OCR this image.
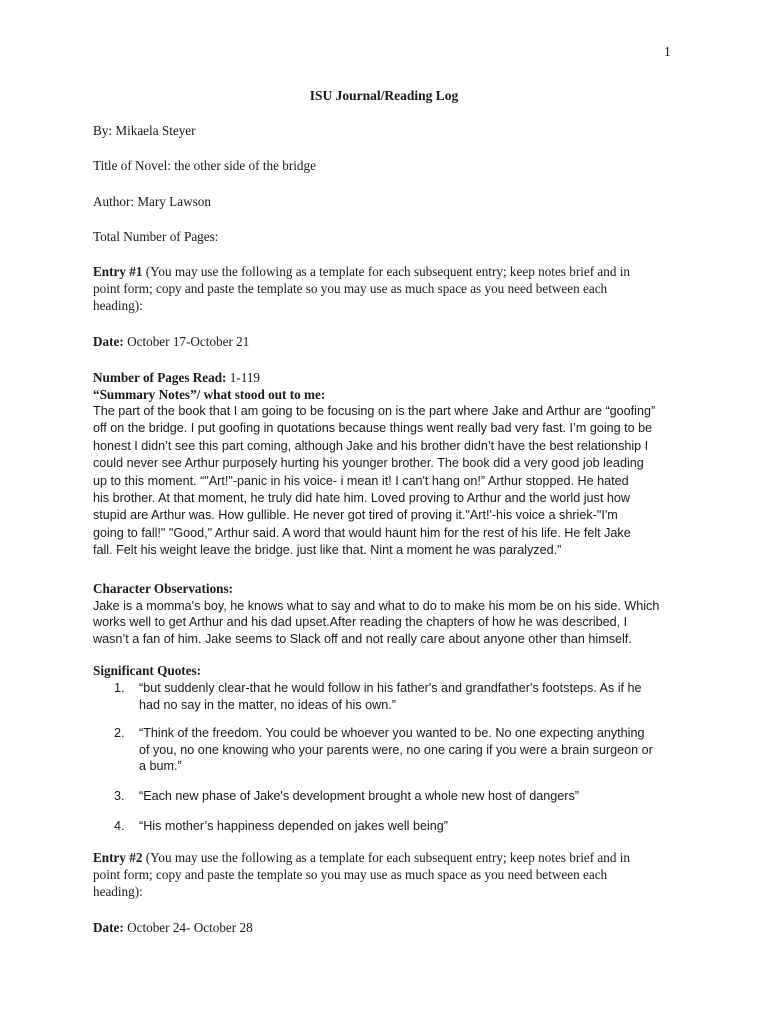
1
ISU Journal/Reading Log
By: Mikaela Steyer
Title of Novel: the other side of the bridge
Author: Mary Lawson
Total Number of Pages:
Entry #1 (You may use the following as a template for each subsequent entry; keep notes brief and in
point form; copy and paste the template so you may use as much space as you need between each
heading):
Date: October 17-October 21
Number of Pages Read: 1-119
“Summary Notes”/ what stood out to me:
The part of the book that I am going to be focusing on is the part where Jake and Arthur are “goofing”
off on the bridge. I put goofing in quotations because things went really bad very fast. I’m going to be
honest I didn’t see this part coming, although Jake and his brother didn’t have the best relationship I
could never see Arthur purposely hurting his younger brother. The book did a very good job leading
up to this moment. “"Art!"-panic in his voice- i mean it! I can't hang on!” Arthur stopped. He hated
his brother. At that moment, he truly did hate him. Loved proving to Arthur and the world just how
stupid are Arthur was. How gullible. He never got tired of proving it."Art!'-his voice a shriek-"I'm
going to fall!" "Good," Arthur said. A word that would haunt him for the rest of his life. He felt Jake
fall. Felt his weight leave the bridge. just like that. Nint a moment he was paralyzed.”
Character Observations:
Jake is a momma's boy, he knows what to say and what to do to make his mom be on his side. Which
works well to get Arthur and his dad upset.After reading the chapters of how he was described, I
wasn’t a fan of him. Jake seems to Slack off and not really care about anyone other than himself.
Significant Quotes:
1. “but suddenly clear-that he would follow in his father's and grandfather's footsteps. As if he
had no say in the matter, no ideas of his own.”
2. “Think of the freedom. You could be whoever you wanted to be. No one expecting anything
of you, no one knowing who your parents were, no one caring if you were a brain surgeon or
a bum.”
3. “Each new phase of Jake's development brought a whole new host of dangers”
4. “His mother’s happiness depended on jakes well being”
Entry #2 (You may use the following as a template for each subsequent entry; keep notes brief and in
point form; copy and paste the template so you may use as much space as you need between each
heading):
Date: October 24- October 28
